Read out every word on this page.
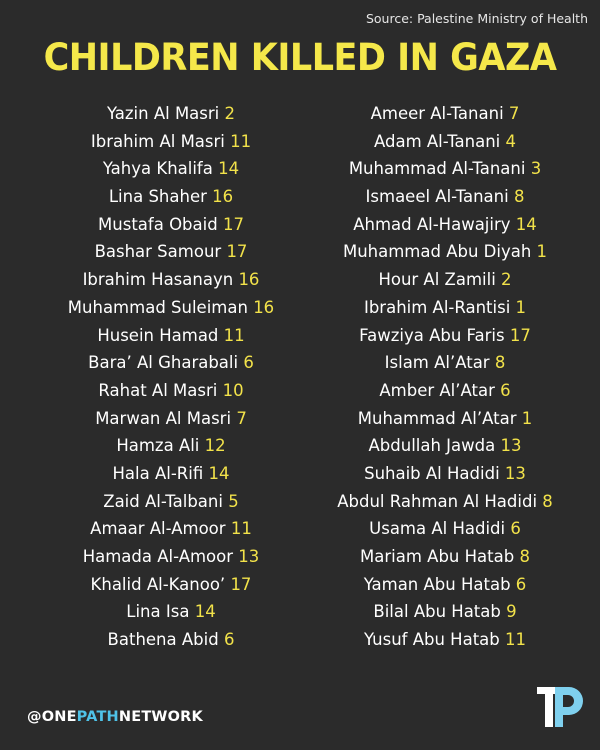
Source: Palestine Ministry of Health
CHILDREN KILLED IN GAZA
Yazin Al Masri 2
Ibrahim Al Masri 11
Yahya Khalifa 14
Lina Shaher 16
Mustafa Obaid 17
Bashar Samour 17
Ibrahim Hasanayn 16
Muhammad Suleiman 16
Husein Hamad 11
Bara’ Al Gharabali 6
Rahat Al Masri 10
Marwan Al Masri 7
Hamza Ali 12
Hala Al-Rifi 14
Zaid Al-Talbani 5
Amaar Al-Amoor 11
Hamada Al-Amoor 13
Khalid Al-Kanoo’ 17
Lina Isa 14
Bathena Abid 6
Ameer Al-Tanani 7
Adam Al-Tanani 4
Muhammad Al-Tanani 3
Ismaeel Al-Tanani 8
Ahmad Al-Hawajiry 14
Muhammad Abu Diyah 1
Hour Al Zamili 2
Ibrahim Al-Rantisi 1
Fawziya Abu Faris 17
Islam Al’Atar 8
Amber Al’Atar 6
Muhammad Al’Atar 1
Abdullah Jawda 13
Suhaib Al Hadidi 13
Abdul Rahman Al Hadidi 8
Usama Al Hadidi 6
Mariam Abu Hatab 8
Yaman Abu Hatab 6
Bilal Abu Hatab 9
Yusuf Abu Hatab 11
@ONEPATHNETWORK
